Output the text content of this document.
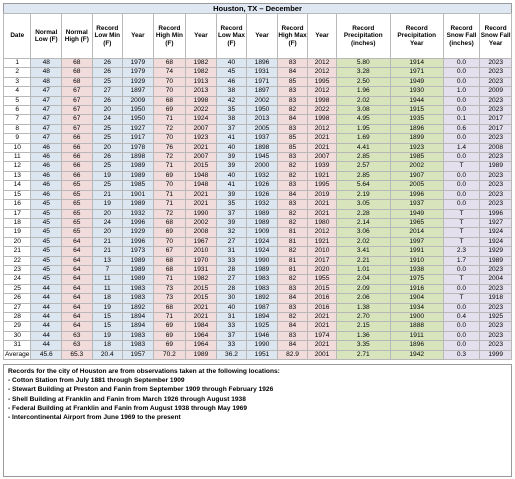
Houston, TX – December
Date	Normal Low (F)	Normal High (F)	Record Low Min (F)	Year	Record High Min (F)	Year	Record Low Max (F)	Year	Record High Max (F)	Year	Record Precipitation (inches)	Record Precipitation Year	Record Snow Fall (inches)	Record Snow Fall Year
1	48	68	26	1979	68	1982	40	1896	83	2012	5.80	1914	0.0	2023
2	48	68	26	1979	74	1982	45	1931	84	2012	3.28	1971	0.0	2023
3	48	68	25	1929	70	1913	46	1971	85	1995	2.50	1949	0.0	2023
4	47	67	27	1897	70	2013	38	1897	83	2012	1.96	1930	1.0	2009
5	47	67	26	2009	68	1998	42	2002	83	1998	2.02	1944	0.0	2023
6	47	67	20	1950	69	2022	35	1950	82	2022	3.08	1915	0.0	2023
7	47	67	24	1950	71	1924	38	2013	84	1998	4.95	1935	0.1	2017
8	47	67	25	1927	72	2007	37	2005	83	2012	1.95	1896	0.6	2017
9	47	66	25	1917	70	1923	41	1937	85	2021	1.69	1899	0.0	2023
10	46	66	20	1978	76	2021	40	1898	85	2021	4.41	1923	1.4	2008
11	46	66	26	1898	72	2007	39	1945	83	2007	2.85	1985	0.0	2023
12	46	66	25	1989	71	2015	39	2000	82	1939	2.57	2002	T	1989
13	46	66	19	1989	69	1948	40	1932	82	1921	2.85	1907	0.0	2023
14	46	65	25	1985	70	1948	41	1926	83	1995	5.64	2005	0.0	2023
15	46	65	21	1901	71	2021	39	1926	84	2019	2.19	1996	0.0	2023
16	45	65	19	1989	71	2021	35	1932	83	2021	3.05	1937	0.0	2023
17	45	65	20	1932	72	1990	37	1989	82	2021	2.28	1949	T	1996
18	45	65	24	1996	68	2002	39	1989	82	1980	2.14	1965	T	1927
19	45	65	20	1929	69	2008	32	1909	81	2012	3.06	2014	T	1924
20	45	64	21	1996	70	1967	27	1924	81	1921	2.02	1997	T	1924
21	45	64	21	1973	67	2010	31	1924	82	2010	3.41	1991	2.3	1929
22	45	64	13	1989	68	1970	33	1990	81	2017	2.21	1910	1.7	1989
23	45	64	7	1989	68	1931	28	1989	81	2020	1.01	1938	0.0	2023
24	45	64	11	1989	71	1982	27	1983	82	1955	2.04	1975	T	2004
25	44	64	11	1983	73	2015	28	1983	83	2015	2.09	1916	0.0	2023
26	44	64	18	1983	73	2015	30	1892	84	2016	2.06	1904	T	1918
27	44	64	19	1892	68	2021	40	1987	83	2016	1.38	1934	0.0	2023
28	44	64	15	1894	71	2021	31	1894	82	2021	2.70	1900	0.4	1925
29	44	64	15	1894	69	1984	33	1925	84	2021	2.15	1888	0.0	2023
30	44	63	19	1983	69	1964	37	1946	83	1974	1.36	1911	0.0	2023
31	44	63	18	1983	69	1964	33	1990	84	2021	3.35	1896	0.0	2023
Average	45.6	65.3	20.4	1957	70.2	1989	36.2	1951	82.9	2001	2.71	1942	0.3	1999
Records for the city of Houston are from observations taken at the following locations:
- Cotton Station from July 1881 through September 1909
- Stewart Building at Preston and Fanin from September 1909 through February 1926
- Shell Building at Franklin and Fanin from March 1926 through August 1938
- Federal Building at Franklin and Fanin from August 1938 through May 1969
- Intercontinental Airport from June 1969 to the present
